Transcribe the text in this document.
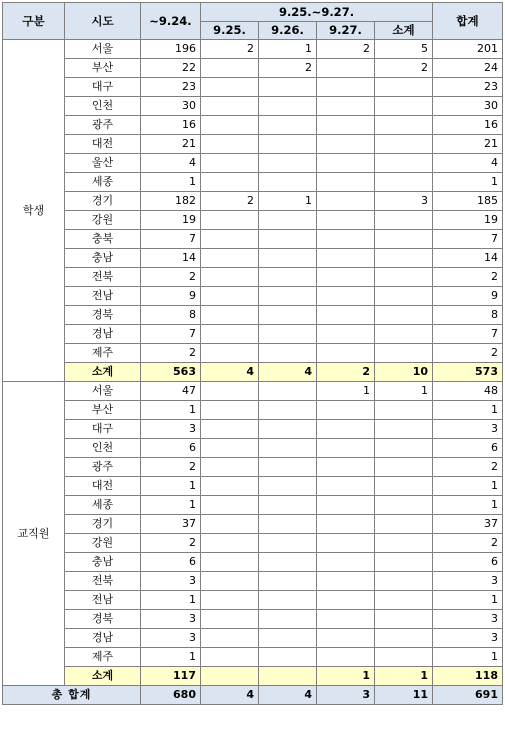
구분	시도	~9.24.	9.25.~9.27.				합계
			9.25.	9.26.	9.27.	소계	
학생	서울	196	2	1	2	5	201
	부산	22		2		2	24
	대구	23					23
	인천	30					30
	광주	16					16
	대전	21					21
	울산	4					4
	세종	1					1
	경기	182	2	1		3	185
	강원	19					19
	충북	7					7
	충남	14					14
	전북	2					2
	전남	9					9
	경북	8					8
	경남	7					7
	제주	2					2
	소계	563	4	4	2	10	573
교직원	서울	47			1	1	48
	부산	1					1
	대구	3					3
	인천	6					6
	광주	2					2
	대전	1					1
	세종	1					1
	경기	37					37
	강원	2					2
	충남	6					6
	전북	3					3
	전남	1					1
	경북	3					3
	경남	3					3
	제주	1					1
	소계	117			1	1	118
총 합계		680	4	4	3	11	691
